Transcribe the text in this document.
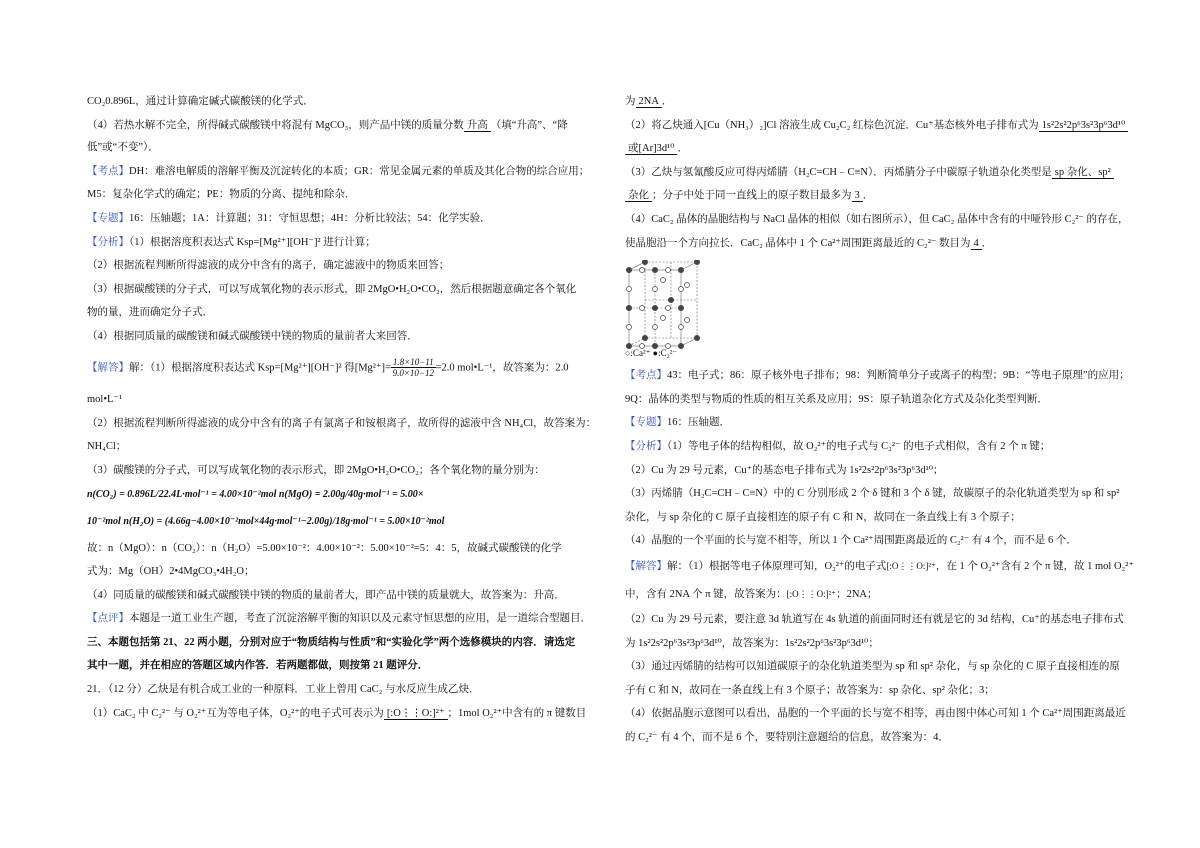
CO₂0.896L，通过计算确定碱式碳酸镁的化学式．
（4）若热水解不完全，所得碱式碳酸镁中将混有 MgCO₃，则产品中镁的质量分数 升高 （填“升高”、“降
低”或“不变”）．
【考点】DH：难溶电解质的溶解平衡及沉淀转化的本质；GR：常见金属元素的单质及其化合物的综合应用；
M5：复杂化学式的确定；PE：物质的分离、提纯和除杂．
【专题】16：压轴题；1A：计算题；31：守恒思想；4H：分析比较法；54：化学实验．
【分析】（1）根据溶度积表达式 Ksp=[Mg²⁺][OH⁻]² 进行计算；
（2）根据流程判断所得滤液的成分中含有的离子，确定滤液中的物质来回答；
（3）根据碳酸镁的分子式，可以写成氧化物的表示形式，即 2MgO•H₂O•CO₂，然后根据题意确定各个氧化
物的量，进而确定分子式．
（4）根据同质量的碳酸镁和碱式碳酸镁中镁的物质的量前者大来回答．
【解答】解：（1）根据溶度积表达式 Ksp=[Mg²⁺][OH⁻]² 得$[Mg^{2+}]= \frac{1.8\times 10-11}{9.0\times 10-12} =2.0$ mol•L⁻¹，故答案为：2.0
mol•L⁻¹
（2）根据流程判断所得滤液的成分中含有的离子有氯离子和铵根离子，故所得的滤液中含 NH₄Cl，故答案为：
NH₄Cl；
（3）碳酸镁的分子式，可以写成氧化物的表示形式，即 2MgO•H₂O•CO₂；各个氧化物的量分别为：
n(CO₂) = 0.896L/22.4L·mol⁻¹ = 4.00×10⁻²mol n(MgO) = 2.00g/40g·mol⁻¹ = 5.00×
10⁻²mol n(H₂O) = (4.66g−4.00×10⁻²mol×44g·mol⁻¹−2.00g)/18g·mol⁻¹ = 5.00×10⁻²mol
故：n（MgO）：n（CO₂）：n（H₂O）=5.00×10⁻²：4.00×10⁻²：5.00×10⁻²=5：4：5，故碱式碳酸镁的化学
式为：Mg（OH）2•4MgCO₃•4H₂O；
（4）同质量的碳酸镁和碱式碳酸镁中镁的物质的量前者大，即产品中镁的质量就大，故答案为：升高．
【点评】本题是一道工业生产题，考查了沉淀溶解平衡的知识以及元素守恒思想的应用，是一道综合型题目．
三、本题包括第 21、22 两小题，分别对应于“物质结构与性质”和“实验化学”两个选修模块的内容．请选定
其中一题，并在相应的答题区域内作答．若两题都做，则按第 21 题评分．
21．（12 分）乙炔是有机合成工业的一种原料．工业上曾用 CaC₂ 与水反应生成乙炔．
（1）CaC₂ 中 C₂²⁻ 与 O₂²⁺互为等电子体，O₂²⁺的电子式可表示为 [:O⋮⋮O:]²⁺ ；1mol O₂²⁺中含有的 π 键数目
为 2NA ．
（2）将乙炔通入[Cu（NH₃）₂]Cl 溶液生成 Cu₂C₂ 红棕色沉淀．Cu⁺基态核外电子排布式为 1s²2s²2p⁶3s²3p⁶3d¹⁰
或[Ar]3d¹⁰ ．
（3）乙炔与氢氰酸反应可得丙烯腈（H₂C=CH﹣C≡N）．丙烯腈分子中碳原子轨道杂化类型是 sp 杂化、sp²
杂化 ；分子中处于同一直线上的原子数目最多为 3 ．
（4）CaC₂ 晶体的晶胞结构与 NaCl 晶体的相似（如右图所示），但 CaC₂ 晶体中含有的中哑铃形 C₂²⁻ 的存在，
使晶胞沿一个方向拉长．CaC₂ 晶体中 1 个 Ca²⁺周围距离最近的 C₂²⁻ 数目为 4 ．
○:Ca²⁺ ●:C₂²⁻
【考点】43：电子式；86：原子核外电子排布；98：判断简单分子或离子的构型；9B：“等电子原理”的应用；
9Q：晶体的类型与物质的性质的相互关系及应用；9S：原子轨道杂化方式及杂化类型判断．
【专题】16：压轴题．
【分析】（1）等电子体的结构相似，故 O₂²⁺的电子式与 C₂²⁻ 的电子式相似，含有 2 个 π 键；
（2）Cu 为 29 号元素，Cu⁺的基态电子排布式为 1s²2s²2p⁶3s²3p⁶3d¹⁰；
（3）丙烯腈（H₂C=CH﹣C≡N）中的 C 分别形成 2 个 δ 键和 3 个 δ 键，故碳原子的杂化轨道类型为 sp 和 sp²
杂化，与 sp 杂化的 C 原子直接相连的原子有 C 和 N，故同在一条直线上有 3 个原子；
（4）晶胞的一个平面的长与宽不相等，所以 1 个 Ca²⁺周围距离最近的 C₂²⁻ 有 4 个，而不是 6 个．
【解答】解：（1）根据等电子体原理可知，O₂²⁺的电子式[:O⋮⋮O:]²⁺，在 1 个 O₂²⁺含有 2 个 π 键，故 1 mol O₂²⁺
中，含有 2NA 个 π 键，故答案为：[:O⋮⋮O:]²⁺；2NA；
（2）Cu 为 29 号元素，要注意 3d 轨道写在 4s 轨道的前面同时还有就是它的 3d 结构，Cu⁺的基态电子排布式
为 1s²2s²2p⁶3s²3p⁶3d¹⁰，故答案为：1s²2s²2p⁶3s²3p⁶3d¹⁰；
（3）通过丙烯腈的结构可以知道碳原子的杂化轨道类型为 sp 和 sp² 杂化，与 sp 杂化的 C 原子直接相连的原
子有 C 和 N，故同在一条直线上有 3 个原子；故答案为：sp 杂化、sp² 杂化；3；
（4）依据晶胞示意图可以看出，晶胞的一个平面的长与宽不相等，再由图中体心可知 1 个 Ca²⁺周围距离最近
的 C₂²⁻ 有 4 个，而不是 6 个，要特别注意题给的信息，故答案为：4．
